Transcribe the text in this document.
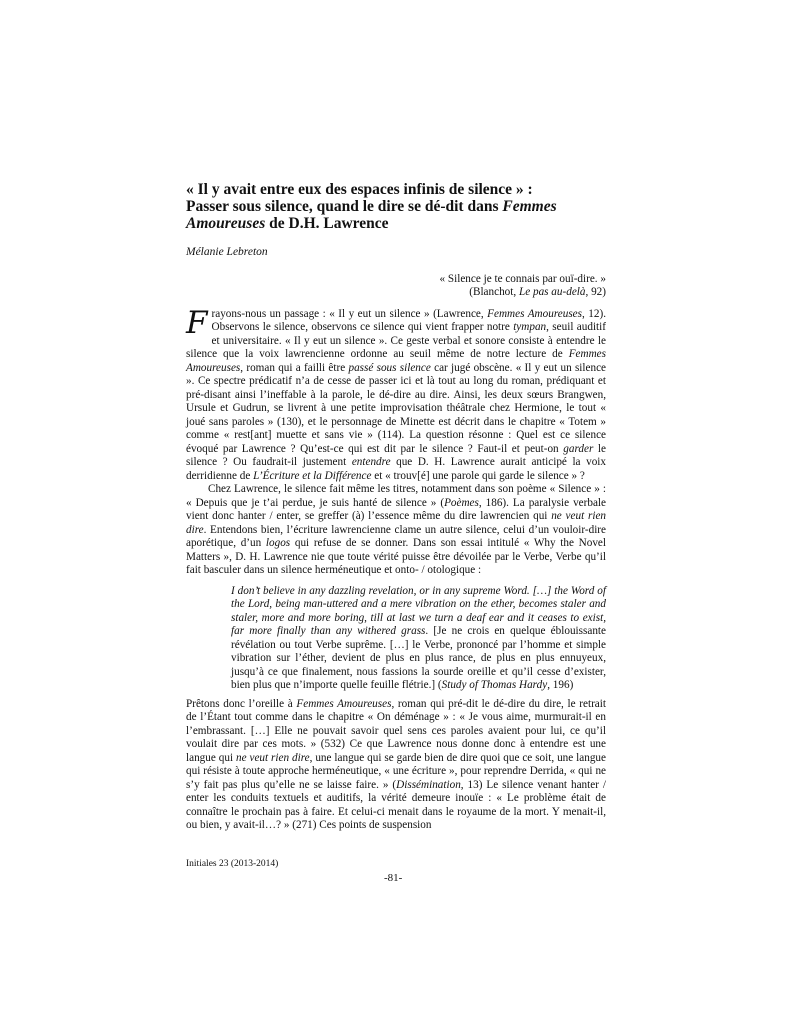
« Il y avait entre eux des espaces infinis de silence » :
Passer sous silence, quand le dire se dé-dit dans Femmes
Amoureuses de D.H. Lawrence
Mélanie Lebreton
« Silence je te connais par ouï-dire. »
(Blanchot, Le pas au-delà, 92)

Frayons-nous un passage : « Il y eut un silence » (Lawrence, Femmes Amoureuses, 12). Observons le silence, observons ce silence qui vient frapper notre tympan, seuil auditif et universitaire. « Il y eut un silence ». Ce geste verbal et sonore consiste à entendre le silence que la voix lawrencienne ordonne au seuil même de notre lecture de Femmes Amoureuses, roman qui a failli être passé sous silence car jugé obscène. « Il y eut un silence ». Ce spectre prédicatif n’a de cesse de passer ici et là tout au long du roman, prédiquant et pré-disant ainsi l’ineffable à la parole, le dé-dire au dire. Ainsi, les deux sœurs Brangwen, Ursule et Gudrun, se livrent à une petite improvisation théâtrale chez Hermione, le tout « joué sans paroles » (130), et le personnage de Minette est décrit dans le chapitre « Totem » comme « rest[ant] muette et sans vie » (114). La question résonne : Quel est ce silence évoqué par Lawrence ? Qu’est-ce qui est dit par le silence ? Faut-il et peut-on garder le silence ? Ou faudrait-il justement entendre que D. H. Lawrence aurait anticipé la voix derridienne de L’Écriture et la Différence et « trouv[é] une parole qui garde le silence » ?

Chez Lawrence, le silence fait même les titres, notamment dans son poème « Silence » : « Depuis que je t’ai perdue, je suis hanté de silence » (Poèmes, 186). La paralysie verbale vient donc hanter / enter, se greffer (à) l’essence même du dire lawrencien qui ne veut rien dire. Entendons bien, l’écriture lawrencienne clame un autre silence, celui d’un vouloir-dire aporétique, d’un logos qui refuse de se donner. Dans son essai intitulé « Why the Novel Matters », D. H. Lawrence nie que toute vérité puisse être dévoilée par le Verbe, Verbe qu’il fait basculer dans un silence herméneutique et onto- / otologique :

I don’t believe in any dazzling revelation, or in any supreme Word. […] the Word of the Lord, being man-uttered and a mere vibration on the ether, becomes staler and staler, more and more boring, till at last we turn a deaf ear and it ceases to exist, far more finally than any withered grass. [Je ne crois en quelque éblouissante révélation ou tout Verbe suprême. […] le Verbe, prononcé par l’homme et simple vibration sur l’éther, devient de plus en plus rance, de plus en plus ennuyeux, jusqu’à ce que finalement, nous fassions la sourde oreille et qu’il cesse d’exister, bien plus que n’importe quelle feuille flétrie.] (Study of Thomas Hardy, 196)

Prêtons donc l’oreille à Femmes Amoureuses, roman qui pré-dit le dé-dire du dire, le retrait de l’Étant tout comme dans le chapitre « On déménage » : « Je vous aime, murmurait-il en l’embrassant. […] Elle ne pouvait savoir quel sens ces paroles avaient pour lui, ce qu’il voulait dire par ces mots. » (532) Ce que Lawrence nous donne donc à entendre est une langue qui ne veut rien dire, une langue qui se garde bien de dire quoi que ce soit, une langue qui résiste à toute approche herméneutique, « une écriture », pour reprendre Derrida, « qui ne s’y fait pas plus qu’elle ne se laisse faire. » (Dissémination, 13) Le silence venant hanter / enter les conduits textuels et auditifs, la vérité demeure inouïe : « Le problème était de connaître le prochain pas à faire. Et celui-ci menait dans le royaume de la mort. Y menait-il, ou bien, y avait-il…? » (271) Ces points de suspension

Initiales 23 (2013-2014)
-81-
